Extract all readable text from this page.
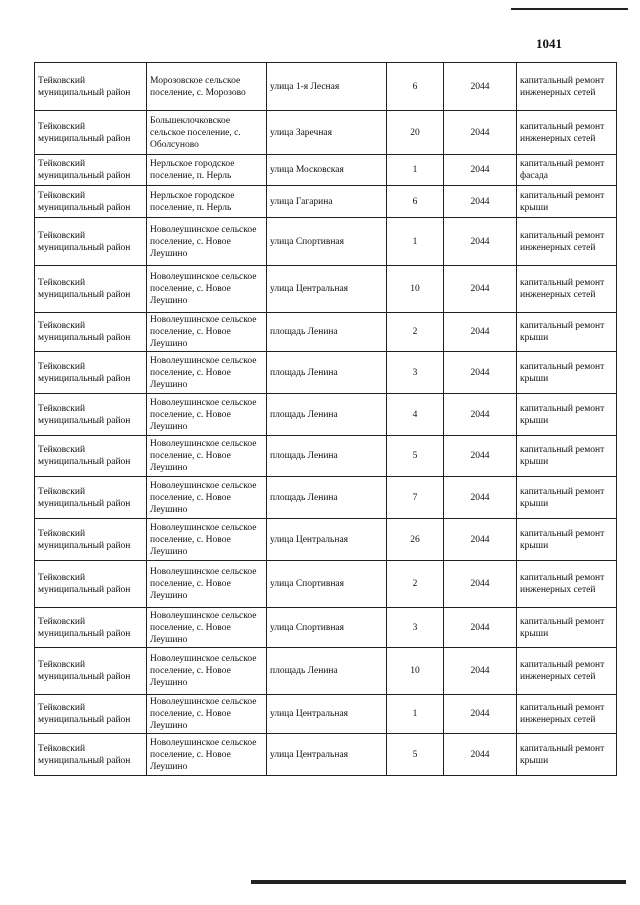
1041
Тейковский муниципальный район	Морозовское сельское поселение, с. Морозово	улица 1-я Лесная	6	2044	капитальный ремонт инженерных сетей
Тейковский муниципальный район	Большеклочковское сельское поселение, с. Оболсуново	улица Заречная	20	2044	капитальный ремонт инженерных сетей
Тейковский муниципальный район	Нерльское городское поселение, п. Нерль	улица Московская	1	2044	капитальный ремонт фасада
Тейковский муниципальный район	Нерльское городское поселение, п. Нерль	улица Гагарина	6	2044	капитальный ремонт крыши
Тейковский муниципальный район	Новолеушинское сельское поселение, с. Новое Леушино	улица Спортивная	1	2044	капитальный ремонт инженерных сетей
Тейковский муниципальный район	Новолеушинское сельское поселение, с. Новое Леушино	улица Центральная	10	2044	капитальный ремонт инженерных сетей
Тейковский муниципальный район	Новолеушинское сельское поселение, с. Новое Леушино	площадь Ленина	2	2044	капитальный ремонт крыши
Тейковский муниципальный район	Новолеушинское сельское поселение, с. Новое Леушино	площадь Ленина	3	2044	капитальный ремонт крыши
Тейковский муниципальный район	Новолеушинское сельское поселение, с. Новое Леушино	площадь Ленина	4	2044	капитальный ремонт крыши
Тейковский муниципальный район	Новолеушинское сельское поселение, с. Новое Леушино	площадь Ленина	5	2044	капитальный ремонт крыши
Тейковский муниципальный район	Новолеушинское сельское поселение, с. Новое Леушино	площадь Ленина	7	2044	капитальный ремонт крыши
Тейковский муниципальный район	Новолеушинское сельское поселение, с. Новое Леушино	улица Центральная	26	2044	капитальный ремонт крыши
Тейковский муниципальный район	Новолеушинское сельское поселение, с. Новое Леушино	улица Спортивная	2	2044	капитальный ремонт инженерных сетей
Тейковский муниципальный район	Новолеушинское сельское поселение, с. Новое Леушино	улица Спортивная	3	2044	капитальный ремонт крыши
Тейковский муниципальный район	Новолеушинское сельское поселение, с. Новое Леушино	площадь Ленина	10	2044	капитальный ремонт инженерных сетей
Тейковский муниципальный район	Новолеушинское сельское поселение, с. Новое Леушино	улица Центральная	1	2044	капитальный ремонт инженерных сетей
Тейковский муниципальный район	Новолеушинское сельское поселение, с. Новое Леушино	улица Центральная	5	2044	капитальный ремонт крыши
